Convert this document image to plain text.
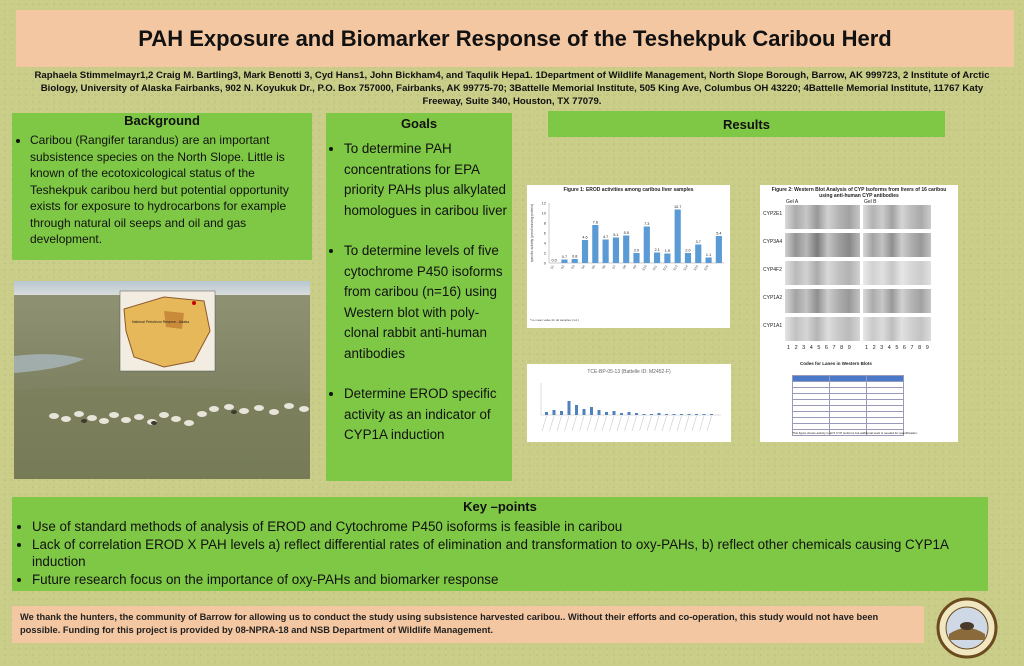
PAH Exposure and Biomarker Response of the Teshekpuk Caribou Herd
Raphaela Stimmelmayr1,2 Craig M. Bartling3, Mark Benotti 3, Cyd Hans1, John Bickham4, and Taqulik Hepa1. 1Department of Wildlife Management, North Slope Borough, Barrow, AK 999723, 2 Institute of Arctic Biology, University of Alaska Fairbanks, 902 N. Koyukuk Dr., P.O. Box 757000, Fairbanks, AK 99775-70; 3Battelle Memorial Institute, 505 King Ave, Columbus OH 43220; 4Battelle Memorial Institute, 11767 Katy Freeway, Suite 340, Houston, TX 77079.
Background
• Caribou (Rangifer tarandus) are an important subsistence species on the North Slope. Little is known of the ecotoxicological status of the Teshekpuk caribou herd but potential opportunity exists for exposure to hydrocarbons for example through natural oil seeps and oil and gas development.
Goals
• To determine PAH concentrations for EPA priority PAHs plus alkylated homologues in caribou liver
• To determine levels of five cytochrome P450 isoforms from caribou (n=16) using Western blot with poly-clonal rabbit anti-human antibodies
• Determine EROD specific activity as an indicator of CYP1A induction
Results
National Petroleum Reserve - Alaska
Figure 1: EROD activities among caribou liver samples
0
2
4
6
8
10
12
specific activity (pmol/min/mg protein)	0.0
S1
0.7
S2
0.8
S3
4.6
S4
7.6
S5
4.7
S6
5.1
S7
5.5
S8
2.0
S9
7.3
S10
2.1
S11
1.9
S12
10.7
S13
2.0
S14
3.7
S15
1.1
S16
5.4
*no mean value for all samples (n.d.)
TCE-BP-05-13 (Battelle ID: M2452-F)
Figure 2: Western Blot Analysis of CYP Isoforms from livers of 16 caribou using anti-human CYP antibodies
Gel A	Gel B
CYP2E1
CYP3A4
CYP4F2
CYP1A2
CYP1A1
1 2 3 4 5 6 7 8 9 1 2 3 4 5 6 7 8 9
Codes for Lanes in Western Blots

This figure shows activity in all 5 CYP isoforms but additional work is needed for quantification.
Key –points
• Use of standard methods of analysis of EROD and Cytochrome P450 isoforms is feasible in caribou
• Lack of correlation EROD X PAH levels a) reflect differential rates of elimination and transformation to oxy-PAHs, b) reflect other chemicals causing CYP1A induction
• Future research focus on the importance of oxy-PAHs and biomarker response
We thank the hunters, the community of Barrow for allowing us to conduct the study using subsistence harvested caribou.. Without their efforts and co-operation, this study would not have been possible. Funding for this project is provided by 08-NPRA-18 and NSB Department of Wildlife Management.
